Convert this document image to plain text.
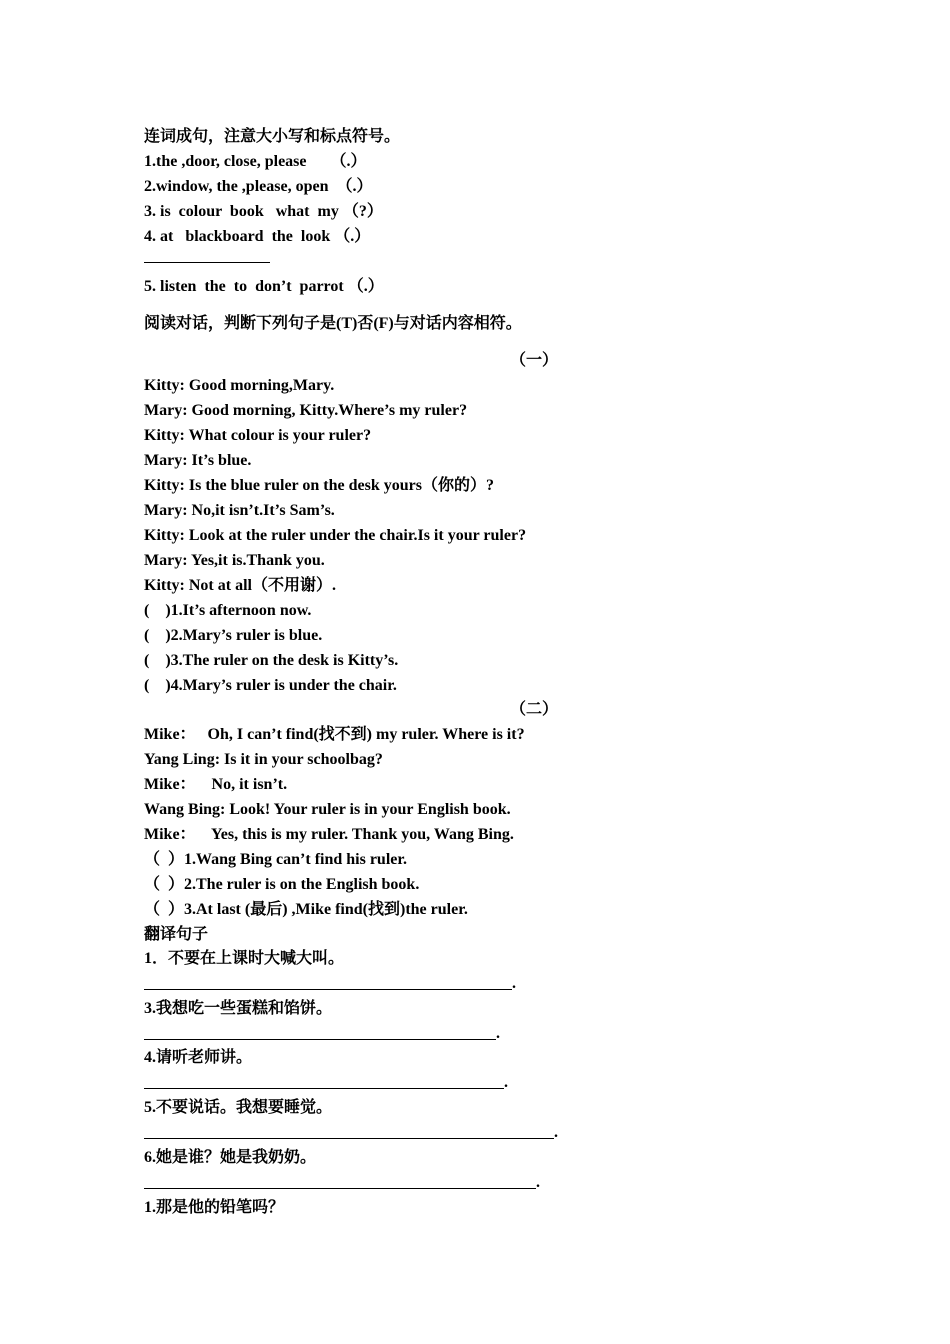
连词成句，注意大小写和标点符号。
1.the ,door, close, please      （.）
2.window, the ,please, open  （.）
3. is  colour  book   what  my （?）
4. at   blackboard  the  look （.）
5. listen  the  to  don’t  parrot （.）
阅读对话，判断下列句子是(T)否(F)与对话内容相符。
（一）
Kitty: Good morning,Mary.
Mary: Good morning, Kitty.Where’s my ruler?
Kitty: What colour is your ruler?
Mary: It’s blue.
Kitty: Is the blue ruler on the desk yours（你的）?
Mary: No,it isn’t.It’s Sam’s.
Kitty: Look at the ruler under the chair.Is it your ruler?
Mary: Yes,it is.Thank you.
Kitty: Not at all（不用谢）.
(    )1.It’s afternoon now.
(    )2.Mary’s ruler is blue.
(    )3.The ruler on the desk is Kitty’s.
(    )4.Mary’s ruler is under the chair.
（二）
Mike：   Oh, I can’t find(找不到) my ruler. Where is it?
Yang Ling: Is it in your schoolbag?
Mike：    No, it isn’t.
Wang Bing: Look! Your ruler is in your English book.
Mike：    Yes, this is my ruler. Thank you, Wang Bing.
（  ）1.Wang Bing can’t find his ruler.
（  ）2.The ruler is on the English book.
（  ）3.At last (最后) ,Mike find(找到)the ruler.
翻译句子
1．不要在上课时大喊大叫。
.
3.我想吃一些蛋糕和馅饼。
.
4.请听老师讲。
.
5.不要说话。我想要睡觉。
.
6.她是谁？她是我奶奶。
.
1.那是他的铅笔吗？
